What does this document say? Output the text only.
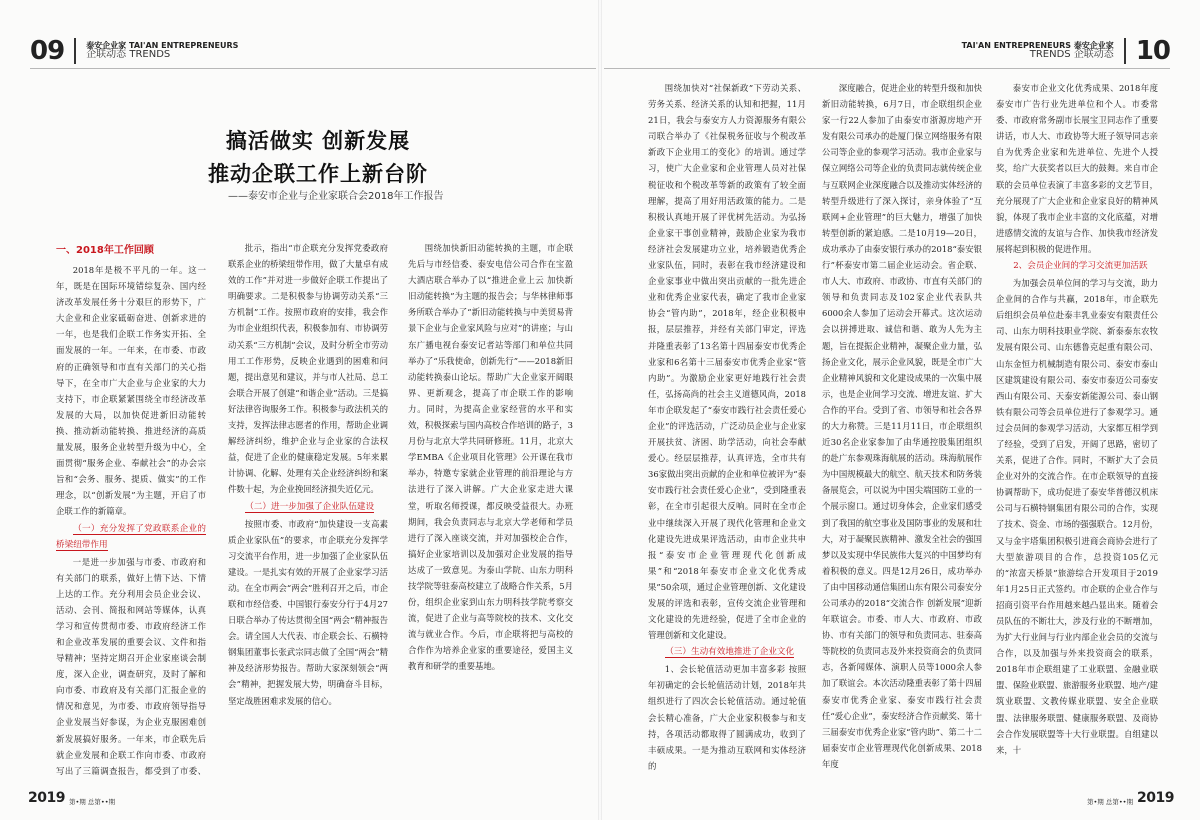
09	泰安企业家 TAI'AN ENTREPRENEURS
企联动态 TRENDS	10
TAI'AN ENTREPRENEURS 泰安企业家
TRENDS 企联动态
搞活做实 创新发展
推动企联工作上新台阶
——泰安市企业与企业家联合会2018年工作报告
一、2018年工作回顾

2018年是极不平凡的一年。这一年，既是在国际环境错综复杂、国内经济改革发展任务十分艰巨的形势下，广大企业和企业家砥砺奋进、创新求进的一年，也是我们企联工作务实开拓、全面发展的一年。一年来，在市委、市政府的正确领导和市直有关部门的关心指导下，在全市广大企业与企业家的大力支持下，市企联紧紧围绕全市经济改革发展的大局，以加快促进新旧动能转换、推动新动能转换、推进经济的高质量发展，服务企业转型升级为中心，全面贯彻“服务企业、奉献社会”的办会宗旨和“会务、服务、提质、做实”的工作理念，以“创新发展”为主题，开启了市企联工作的新篇章。

（一）充分发挥了党政联系企业的桥梁纽带作用

一是进一步加强与市委、市政府和有关部门的联系，做好上情下达、下情上达的工作。充分利用会员企业会议、活动、会刊、简报和网站等媒体，认真学习和宣传贯彻市委、市政府经济工作和企业改革发展的重要会议、文件和指导精神；坚持定期召开企业家座谈会制度，深入企业，调查研究，及时了解和向市委、市政府及有关部门汇报企业的情况和意见，为市委、市政府领导指导企业发展当好参谋，为企业克服困难创新发展搞好服务。一年来，市企联先后就企业发展和企联工作向市委、市政府写出了三篇调查报告，都受到了市委、

批示，指出“市企联充分发挥党委政府联系企业的桥梁纽带作用，做了大量卓有成效的工作”并对进一步做好企联工作提出了明确要求。二是积极参与协调劳动关系“三方机制”工作。按照市政府的安排，我会作为市企业组织代表，积极参加有、市协调劳动关系“三方机制”会议，及时分析全市劳动用工工作形势，反映企业遇到的困难和问题，提出意见和建议，并与市人社局、总工会联合开展了创建“和谐企业”活动。三是搞好法律咨询服务工作。积极参与政法机关的支持，发挥法律志愿者的作用，帮助企业调解经济纠纷，维护企业与企业家的合法权益，促进了企业的健康稳定发展。5年来累计协调、化解、处理有关企业经济纠纷和案件数十起，为企业挽回经济损失近亿元。

（二）进一步加强了企业队伍建设

按照市委、市政府“加快建设一支高素质企业家队伍”的要求，市企联充分发挥学习交流平台作用，进一步加强了企业家队伍建设。一是扎实有效的开展了企业家学习活动。在全市两会“两会”胜利召开之后，市企联和市经信委、中国银行泰安分行于4月27日联合举办了传达贯彻全国“两会”精神报告会。请全国人大代表、市企联会长、石横特钢集团董事长张武宗同志做了全国“两会”精神及经济形势报告。帮助大家深刻领会“两会”精神，把握发展大势，明确奋斗目标，坚定战胜困难求发展的信心。

围绕加快新旧动能转换的主题，市企联先后与市经信委、泰安电信公司合作在宝盈大酒店联合举办了以“推进企业上云 加快新旧动能转换”为主题的报告会；与华林律师事务所联合举办了“新旧动能转换与中美贸易背景下企业与企业家风险与应对”的讲座；与山东广播电视台泰安记者站等部门和单位共同举办了“乐我使命，创新先行”——2018新旧动能转换泰山论坛。帮助广大企业家开阔眼界、更新观念，提高了市企联工作的影响力。同时，为提高企业家经营的水平和实效，积极探索与国内高校合作培训的路子，3月份与北京大学共同研修班。11月，北京大学EMBA《企业项目化管理》公开课在我市举办，特邀专家就企业管理的前沿理论与方法进行了深入讲解。广大企业家走进大课堂，听取名师授课，都反映受益很大。办班期间，我会负责同志与北京大学老师和学员进行了深入座谈交流，并对加强校企合作，搞好企业家培训以及加强对企业发展的指导达成了一致意见。为泰山学院、山东力明科技学院等驻泰高校建立了战略合作关系，5月份，组织企业家到山东力明科技学院考察交流，促进了企业与高等院校的技术、文化交流与就业合作。今后，市企联将把与高校的合作作为培养企业家的重要途径，爱国主义教育和研学的重要基地。

围绕加快对“社保新政”下劳动关系、劳务关系、经济关系的认知和把握，11月21日，我会与泰安方人力资源服务有限公司联合举办了《社保税务征收与个税改革新政下企业用工的变化》的培训。通过学习，使广大企业家和企业管理人员对社保税征收和个税改革等新的政策有了较全面理解，提高了用好用活政策的能力。二是积极认真地开展了评优树先活动。为弘扬企业家干事创业精神，鼓励企业家为我市经济社会发展建功立业，培养锻造优秀企业家队伍，同时，表彰在我市经济建设和企业家事业中做出突出贡献的一批先进企业和优秀企业家代表，确定了我市企业家协会“管内助”，2018年，经企业积极申报，层层推荐，并经有关部门审定，评选并隆重表彰了13名第十四届泰安市优秀企业家和6名第十三届泰安市优秀企业家“管内助”。为激励企业家更好地践行社会责任，弘扬高尚的社会主义道德风尚，2018年市企联发起了“泰安市践行社会责任爱心企业”的评选活动，广泛动员企业与企业家开展扶贫、济困、助学活动，向社会奉献爱心。经层层推荐，认真评选，全市共有36家做出突出贡献的企业和单位被评为“泰安市践行社会责任爱心企业”，受到隆重表彰，在全市引起很大反响。同时在全市企业中继续深入开展了现代化管理和企业文化建设先进成果评选活动，由市企业共申报“泰安市企业管理现代化创新成果”和“2018年泰安市企业文化优秀成果”50余项，通过企业管理创新、文化建设发展的评选和表彰，宣传交流企业管理和文化建设的先进经验，促进了全市企业的管理创新和文化建设。

（三）生动有效地推进了企业文化

1、会长轮值活动更加丰富多彩 按照年初确定的会长轮值活动计划，2018年共组织进行了四次会长轮值活动。通过轮值会长精心准备，广大企业家积极参与和支持，各项活动都取得了圆满成功，收到了丰硕成果。一是为推动互联网和实体经济的

深度融合，促进企业的转型升级和加快新旧动能转换，6月7日，市企联组织企业家一行22人参加了由泰安市浙源房地产开发有限公司承办的赴厦门保立网络服务有限公司等企业的参观学习活动。我市企业家与保立网络公司等企业的负责同志就传统企业与互联网企业深度融合以及推动实体经济的转型升级进行了深入探讨，亲身体验了“互联网+企业管理”的巨大魅力，增强了加快转型创新的紧迫感。二是10月19—20日，成功承办了由泰安银行承办的2018“泰安银行”杯泰安市第二届企业运动会。省企联、市人大、市政府、市政协、市直有关部门的领导和负责同志及102家企业代表队共6000余人参加了运动会开幕式。这次运动会以拼搏进取、诚信和谐、敢为人先为主题，旨在提振企业精神，凝聚企业力量，弘扬企业文化，展示企业风貌，既是全市广大企业精神风貌和文化建设成果的一次集中展示，也是企业间学习交流、增进友谊、扩大合作的平台。受到了省、市领导和社会各界的大力称赞。三是11月11日，市企联组织近30名企业家参加了由华通控股集团组织的赴广东参观珠海航展的活动。珠海航展作为中国规模最大的航空、航天技术和防务装备展览会，可以说为中国尖端国防工业的一个展示窗口。通过切身体会，企业家们感受到了我国的航空事业及国防事业的发展和壮大，对于凝聚民族精神、激发全社会的强国梦以及实现中华民族伟大复兴的中国梦均有着积极的意义。四是12月26日，成功举办了由中国移动通信集团山东有限公司泰安分公司承办的2018“交流合作 创新发展”迎新年联谊会。市委、市人大、市政府、市政协、市有关部门的领导和负责同志、驻泰高等院校的负责同志及外来投资商会的负责同志，各新闻媒体、演职人员等1000余人参加了联谊会。本次活动隆重表彰了第十四届泰安市优秀企业家、泰安市践行社会责任“爱心企业”，泰安经济合作贡献奖、第十三届泰安市优秀企业家“管内助”、第二十二届泰安市企业管理现代化创新成果、2018年度

泰安市企业文化优秀成果、2018年度泰安市广告行业先进单位和个人。市委常委、市政府常务副市长展宝卫同志作了重要讲话，市人大、市政协等大班子领导同志亲自为优秀企业家和先进单位、先进个人授奖，给广大获奖者以巨大的鼓舞。来自市企联的会员单位表演了丰富多彩的文艺节目，充分展现了广大企业和企业家良好的精神风貌，体现了我市企业丰富的文化底蕴，对增进感情交流的友谊与合作、加快我市经济发展将起到积极的促进作用。

2、会员企业间的学习交流更加活跃

为加强会员单位间的学习与交流，助力企业间的合作与共赢，2018年，市企联先后组织会员单位赴泰丰乳业泰安有限责任公司、山东力明科技职业学院、新泰泰东农牧发展有限公司、山东德鲁克起重有限公司、山东金恒力机械制造有限公司、泰安市泰山区建筑建设有限公司、泰安市泰迈公司泰安西山有限公司、天泰安新能源公司、泰山钢铁有限公司等会员单位进行了参观学习。通过会员间的参观学习活动，大家都互相学到了经验，受到了启发，开阔了思路，密切了关系，促进了合作。同时，不断扩大了会员企业对外的交流合作。在市企联领导的直接协调帮助下，成功促进了泰安华普德汉机床公司与石横特钢集团有限公司的合作，实现了技术、资金、市场的强强联合。12月份，又与金宇塔集团积极引进商会商协会进行了大型旅游项目的合作，总投资105亿元的“浓富天桥景”旅游综合开发项目于2019年1月25日正式签约。市企联的企业合作与招商引资平台作用越来越凸显出来。随着会员队伍的不断壮大，涉及行业的不断增加，为扩大行业间与行业内部企业会员的交流与合作，以及加强与外来投资商会的联系，2018年市企联组建了工业联盟、金融业联盟、保险业联盟、旅游服务业联盟、地产/建筑业联盟、文教传媒业联盟、安全企业联盟、法律服务联盟、健康服务联盟、及商协会合作发展联盟等十大行业联盟。自组建以来，十

2019 第•期 总第••期	第•期 总第••期 2019
